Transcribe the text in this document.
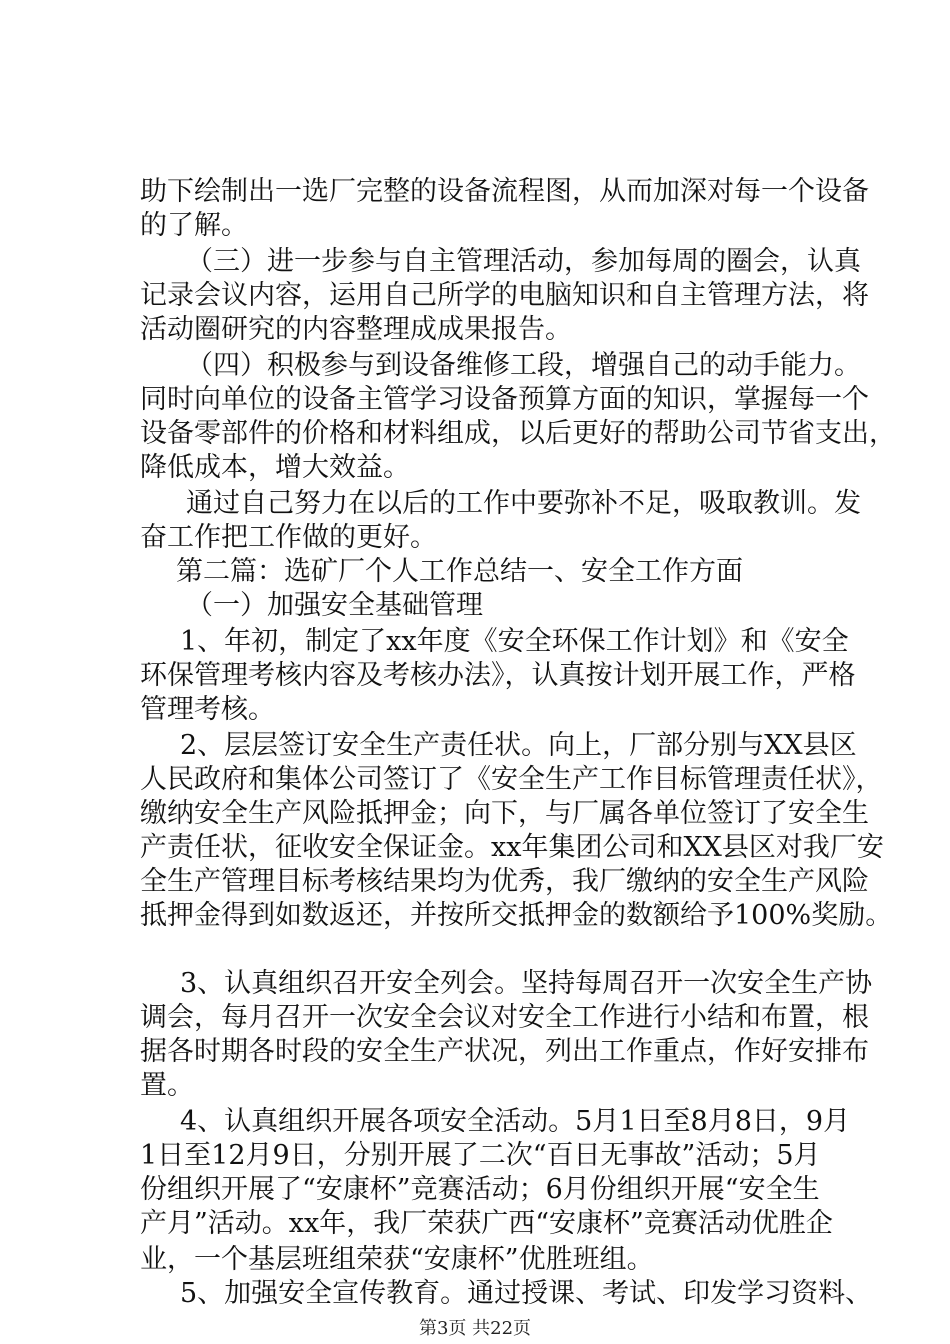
助下绘制出一选厂完整的设备流程图，从而加深对每一个设备
的了解。
（三）进一步参与自主管理活动，参加每周的圈会，认真
记录会议内容，运用自己所学的电脑知识和自主管理方法，将
活动圈研究的内容整理成成果报告。
（四）积极参与到设备维修工段，增强自己的动手能力。
同时向单位的设备主管学习设备预算方面的知识，掌握每一个
设备零部件的价格和材料组成，以后更好的帮助公司节省支出，
降低成本，增大效益。
通过自己努力在以后的工作中要弥补不足，吸取教训。发
奋工作把工作做的更好。
第二篇：选矿厂个人工作总结一、安全工作方面
（一）加强安全基础管理
1、年初，制定了xx年度《安全环保工作计划》和《安全
环保管理考核内容及考核办法》，认真按计划开展工作，严格
管理考核。
2、层层签订安全生产责任状。向上，厂部分别与XX县区
人民政府和集体公司签订了《安全生产工作目标管理责任状》，
缴纳安全生产风险抵押金；向下，与厂属各单位签订了安全生
产责任状，征收安全保证金。xx年集团公司和XX县区对我厂安
全生产管理目标考核结果均为优秀，我厂缴纳的安全生产风险
抵押金得到如数返还，并按所交抵押金的数额给予100%奖励。
3、认真组织召开安全列会。坚持每周召开一次安全生产协
调会，每月召开一次安全会议对安全工作进行小结和布置，根
据各时期各时段的安全生产状况，列出工作重点，作好安排布
置。
4、认真组织开展各项安全活动。5月1日至8月8日，9月
1日至12月9日，分别开展了二次“百日无事故”活动；5月
份组织开展了“安康杯”竞赛活动；6月份组织开展“安全生
产月”活动。xx年，我厂荣获广西“安康杯”竞赛活动优胜企
业，一个基层班组荣获“安康杯”优胜班组。
5、加强安全宣传教育。通过授课、考试、印发学习资料、
第3页 共22页
